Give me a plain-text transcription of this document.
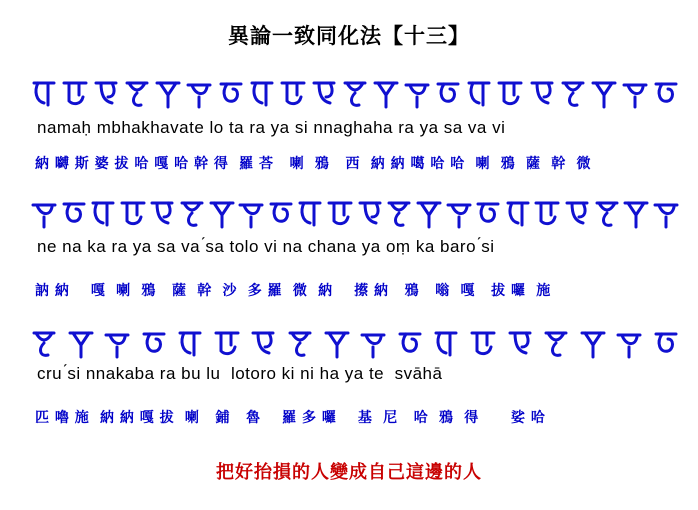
異論一致同化法【十三】
namaḥ mbhakhavate lo ta ra ya si nnaghaha ra ya sa va vi
納 嚩 斯 婆 拔 哈 嘎 哈 幹 得  羅 荅   喇  鴉   西  納 納 噶 哈 哈  喇  鴉  薩  幹  微
ne na ka ra ya sa va ́sa tolo vi na chana ya oṃ ka baro ́si
訥 納    嘎  喇  鴉   薩  幹  沙  多 羅  微  納    攃 納   鴉   嗡  嘎   拔 囉  施
cru ́si nnakaba ra bu lu  lotoro ki ni ha ya te  svāhā
匹 嚕 施  納 納 嘎 拔  喇   鋪   魯    羅 多 囉    基  尼   哈  鴉  得      娑 哈
把好抬損的人變成自己這邊的人
